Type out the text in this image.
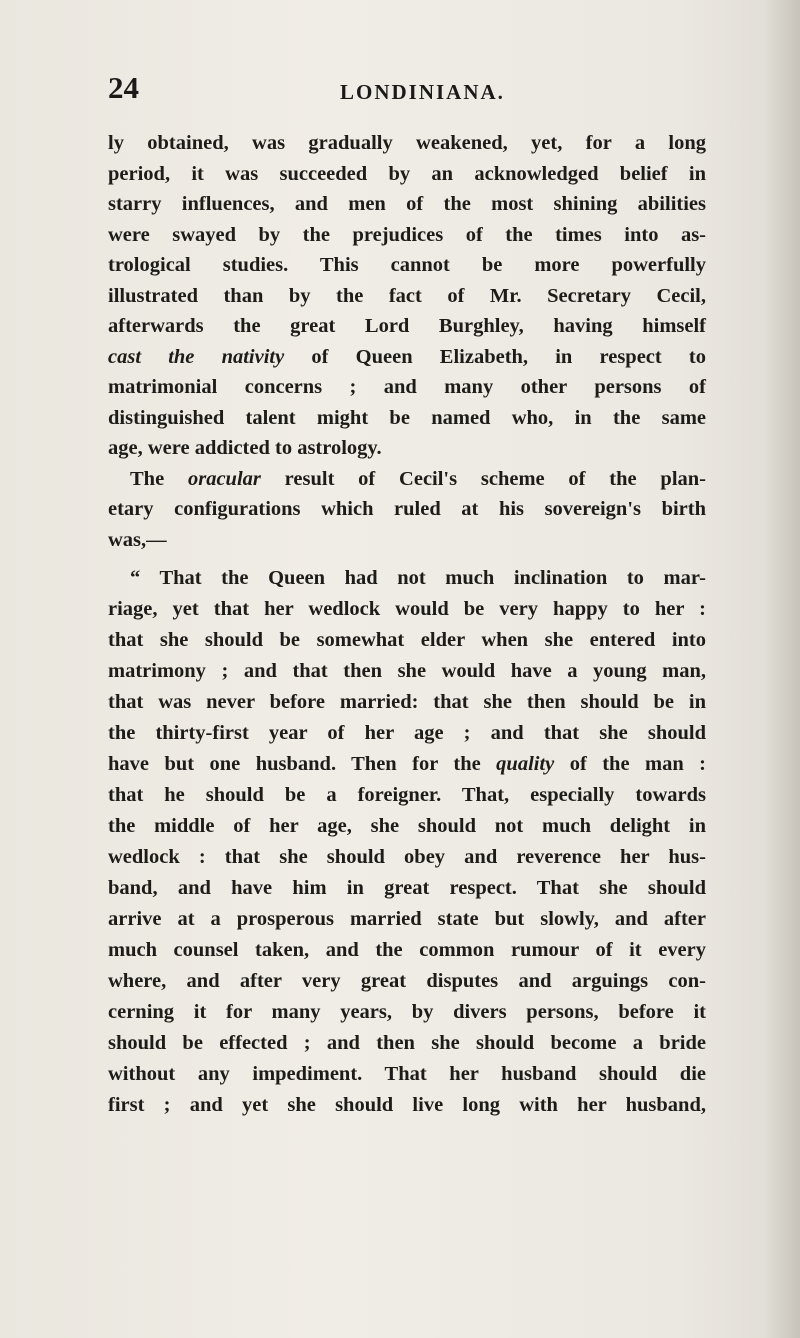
24	LONDINIANA.
ly obtained, was gradually weakened, yet, for a long
period, it was succeeded by an acknowledged belief in
starry influences, and men of the most shining abilities
were swayed by the prejudices of the times into as-
trological studies. This cannot be more powerfully
illustrated than by the fact of Mr. Secretary Cecil,
afterwards the great Lord Burghley, having himself
cast the nativity of Queen Elizabeth, in respect to
matrimonial concerns ; and many other persons of
distinguished talent might be named who, in the same
age, were addicted to astrology.
The oracular result of Cecil's scheme of the plan-
etary configurations which ruled at his sovereign's birth
was,—
“ That the Queen had not much inclination to mar-
riage, yet that her wedlock would be very happy to her :
that she should be somewhat elder when she entered into
matrimony ; and that then she would have a young man,
that was never before married: that she then should be in
the thirty-first year of her age ; and that she should
have but one husband. Then for the quality of the man :
that he should be a foreigner. That, especially towards
the middle of her age, she should not much delight in
wedlock : that she should obey and reverence her hus-
band, and have him in great respect. That she should
arrive at a prosperous married state but slowly, and after
much counsel taken, and the common rumour of it every
where, and after very great disputes and arguings con-
cerning it for many years, by divers persons, before it
should be effected ; and then she should become a bride
without any impediment. That her husband should die
first ; and yet she should live long with her husband,
